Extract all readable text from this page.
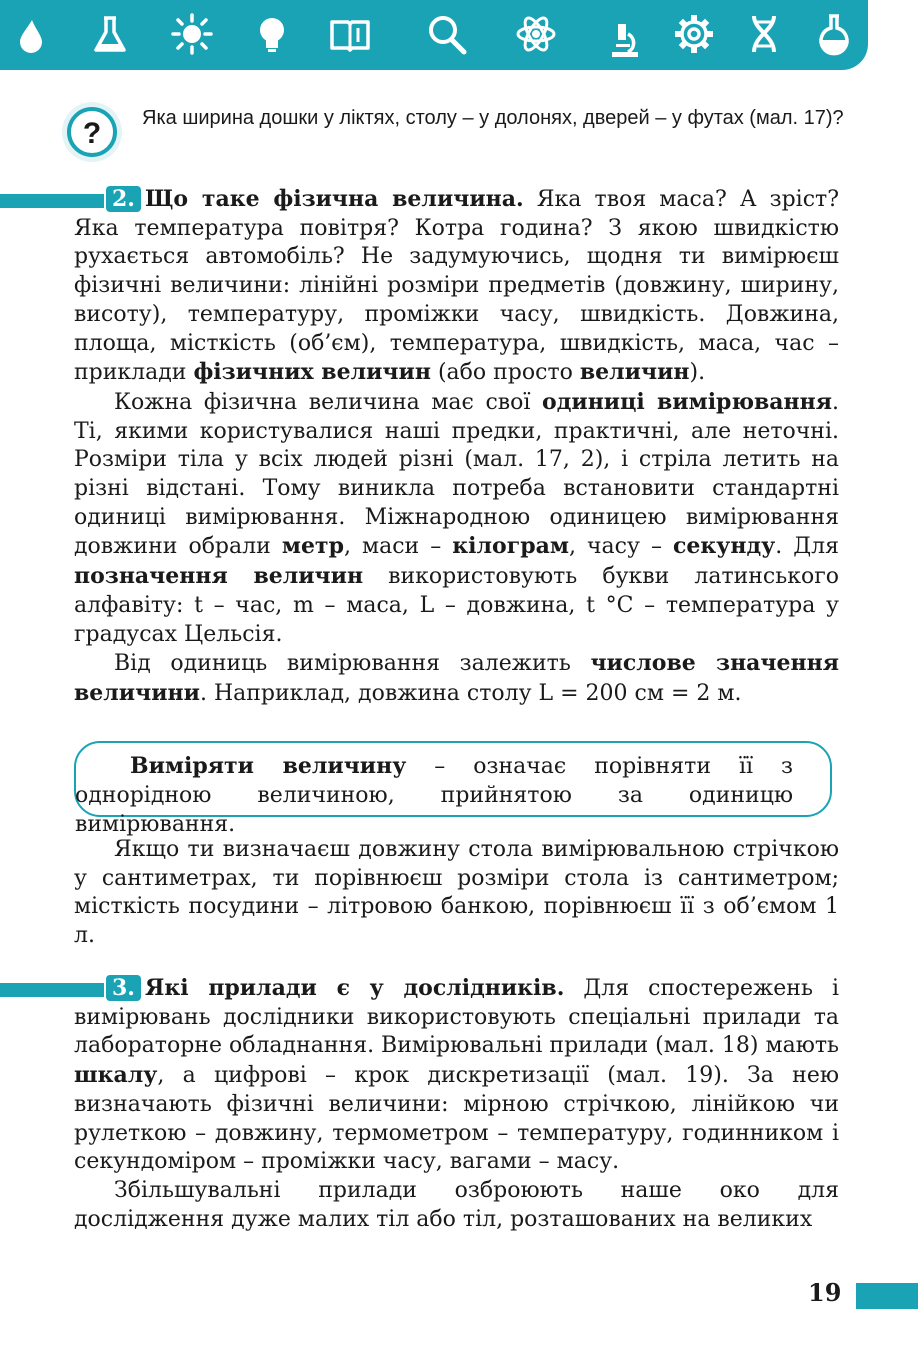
? Яка ширина дошки у ліктях, столу – у долонях, дверей – у футах (мал. 17)?

2. Що таке фізична величина. Яка твоя маса? А зріст? Яка температура повітря? Котра година? З якою швидкістю рухається автомобіль? Не задумуючись, щодня ти вимірюєш фізичні величини: лінійні розміри предметів (довжину, ширину, висоту), температуру, проміжки часу, швидкість. Довжина, площа, місткість (об’єм), температура, швидкість, маса, час – приклади фізичних величин (або просто величин).

Кожна фізична величина має свої одиниці вимірювання. Ті, якими користувалися наші предки, практичні, але неточні. Розміри тіла у всіх людей різні (мал. 17, 2), і стріла летить на різні відстані. Тому виникла потреба встановити стандартні одиниці вимірювання. Міжнародною одиницею вимірювання довжини обрали метр, маси – кілограм, часу – секунду. Для позначення величин використовують букви латинського алфавіту: t – час, m – маса, L – довжина, t °C – температура у градусах Цельсія.

Від одиниць вимірювання залежить числове значення величини. Наприклад, довжина столу L = 200 см = 2 м.

Виміряти величину – означає порівняти її з однорідною величиною, прийнятою за одиницю вимірювання.
Якщо ти визначаєш довжину стола вимірювальною стрічкою у сантиметрах, ти порівнюєш розміри стола із сантиметром; місткість посудини – літровою банкою, порівнюєш її з об’ємом 1 л.

3. Які прилади є у дослідників. Для спостережень і вимірювань дослідники використовують спеціальні прилади та лабораторне обладнання. Вимірювальні прилади (мал. 18) мають шкалу, а цифрові – крок дискретизації (мал. 19). За нею визначають фізичні величини: мірною стрічкою, лінійкою чи рулеткою – довжину, термометром – температуру, годинником і секундоміром – проміжки часу, вагами – масу.

Збільшувальні прилади озброюють наше око для дослідження дуже малих тіл або тіл, розташованих на великих

19
